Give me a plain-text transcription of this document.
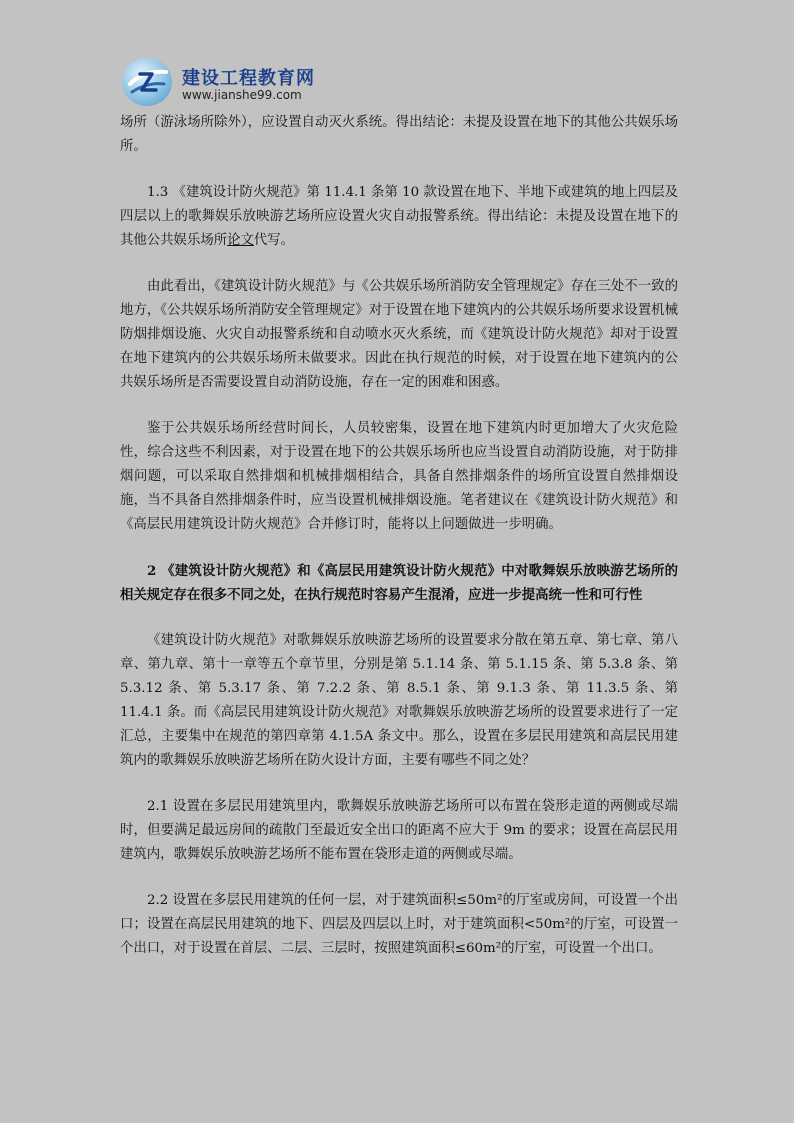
建设工程教育网
www.jianshe99.com

场所（游泳场所除外），应设置自动灭火系统。得出结论：未提及设置在地下的其他公共娱乐场所。

1.3 《建筑设计防火规范》第 11.4.1 条第 10 款设置在地下、半地下或建筑的地上四层及四层以上的歌舞娱乐放映游艺场所应设置火灾自动报警系统。得出结论：未提及设置在地下的其他公共娱乐场所论文代写。

由此看出，《建筑设计防火规范》与《公共娱乐场所消防安全管理规定》存在三处不一致的地方，《公共娱乐场所消防安全管理规定》对于设置在地下建筑内的公共娱乐场所要求设置机械防烟排烟设施、火灾自动报警系统和自动喷水灭火系统，而《建筑设计防火规范》却对于设置在地下建筑内的公共娱乐场所未做要求。因此在执行规范的时候，对于设置在地下建筑内的公共娱乐场所是否需要设置自动消防设施，存在一定的困难和困惑。

鉴于公共娱乐场所经营时间长，人员较密集，设置在地下建筑内时更加增大了火灾危险性，综合这些不利因素，对于设置在地下的公共娱乐场所也应当设置自动消防设施，对于防排烟问题，可以采取自然排烟和机械排烟相结合，具备自然排烟条件的场所宜设置自然排烟设施，当不具备自然排烟条件时，应当设置机械排烟设施。笔者建议在《建筑设计防火规范》和《高层民用建筑设计防火规范》合并修订时，能将以上问题做进一步明确。

2 《建筑设计防火规范》和《高层民用建筑设计防火规范》中对歌舞娱乐放映游艺场所的相关规定存在很多不同之处，在执行规范时容易产生混淆，应进一步提高统一性和可行性

《建筑设计防火规范》对歌舞娱乐放映游艺场所的设置要求分散在第五章、第七章、第八章、第九章、第十一章等五个章节里，分别是第 5.1.14 条、第 5.1.15 条、第 5.3.8 条、第 5.3.12 条、第 5.3.17 条、第 7.2.2 条、第 8.5.1 条、第 9.1.3 条、第 11.3.5 条、第 11.4.1 条。而《高层民用建筑设计防火规范》对歌舞娱乐放映游艺场所的设置要求进行了一定汇总，主要集中在规范的第四章第 4.1.5A 条文中。那么，设置在多层民用建筑和高层民用建筑内的歌舞娱乐放映游艺场所在防火设计方面，主要有哪些不同之处？

2.1 设置在多层民用建筑里内，歌舞娱乐放映游艺场所可以布置在袋形走道的两侧或尽端时，但要满足最远房间的疏散门至最近安全出口的距离不应大于 9m 的要求；设置在高层民用建筑内，歌舞娱乐放映游艺场所不能布置在袋形走道的两侧或尽端。

2.2 设置在多层民用建筑的任何一层，对于建筑面积≤50m²的厅室或房间，可设置一个出口；设置在高层民用建筑的地下、四层及四层以上时，对于建筑面积<50m²的厅室，可设置一个出口，对于设置在首层、二层、三层时，按照建筑面积≤60m²的厅室，可设置一个出口。
